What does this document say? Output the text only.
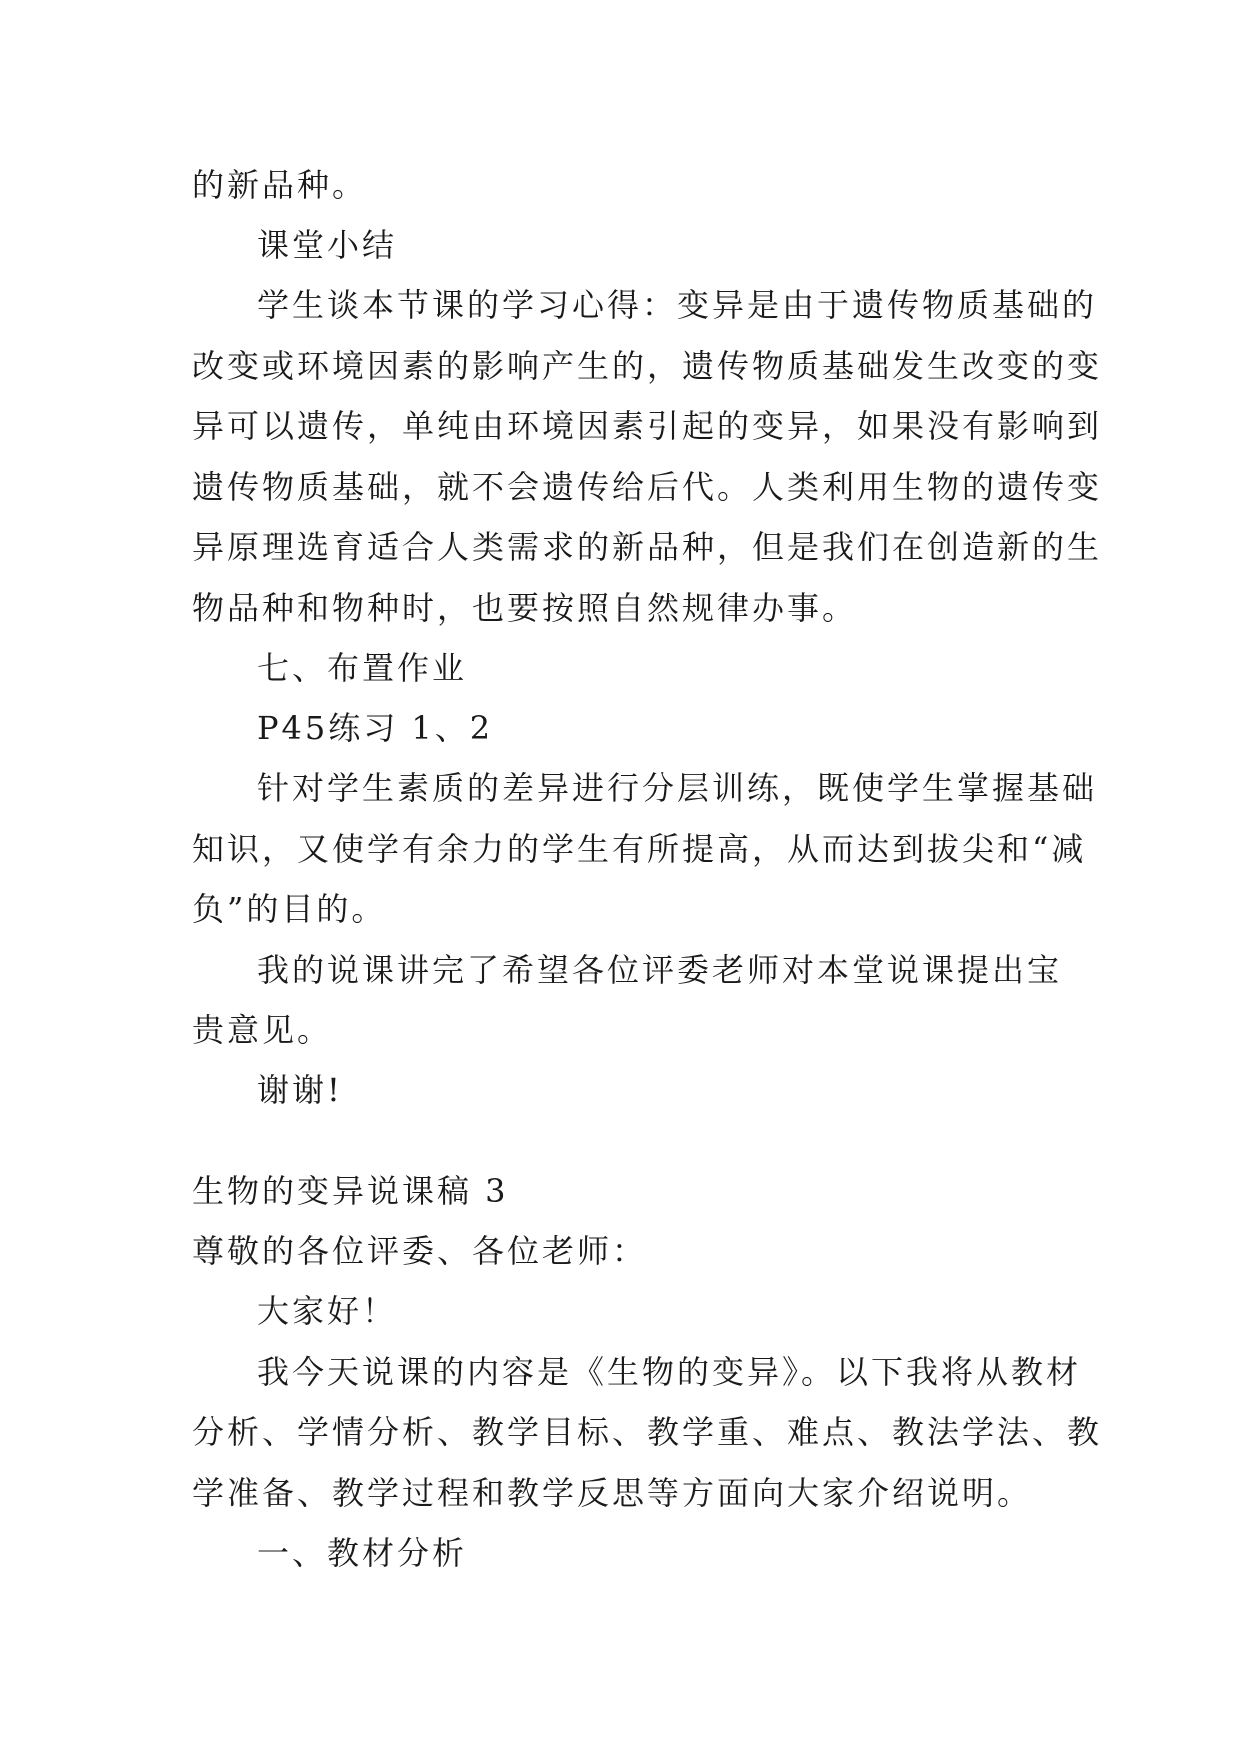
的新品种。
课堂小结
学生谈本节课的学习心得：变异是由于遗传物质基础的
改变或环境因素的影响产生的，遗传物质基础发生改变的变
异可以遗传，单纯由环境因素引起的变异，如果没有影响到
遗传物质基础，就不会遗传给后代。人类利用生物的遗传变
异原理选育适合人类需求的新品种，但是我们在创造新的生
物品种和物种时，也要按照自然规律办事。
七、布置作业
P45练习 1、2
针对学生素质的差异进行分层训练，既使学生掌握基础
知识，又使学有余力的学生有所提高，从而达到拔尖和“减
负”的目的。
我的说课讲完了希望各位评委老师对本堂说课提出宝
贵意见。
谢谢!
生物的变异说课稿 3
尊敬的各位评委、各位老师：
大家好！
我今天说课的内容是《生物的变异》。以下我将从教材
分析、学情分析、教学目标、教学重、难点、教法学法、教
学准备、教学过程和教学反思等方面向大家介绍说明。
一、教材分析
